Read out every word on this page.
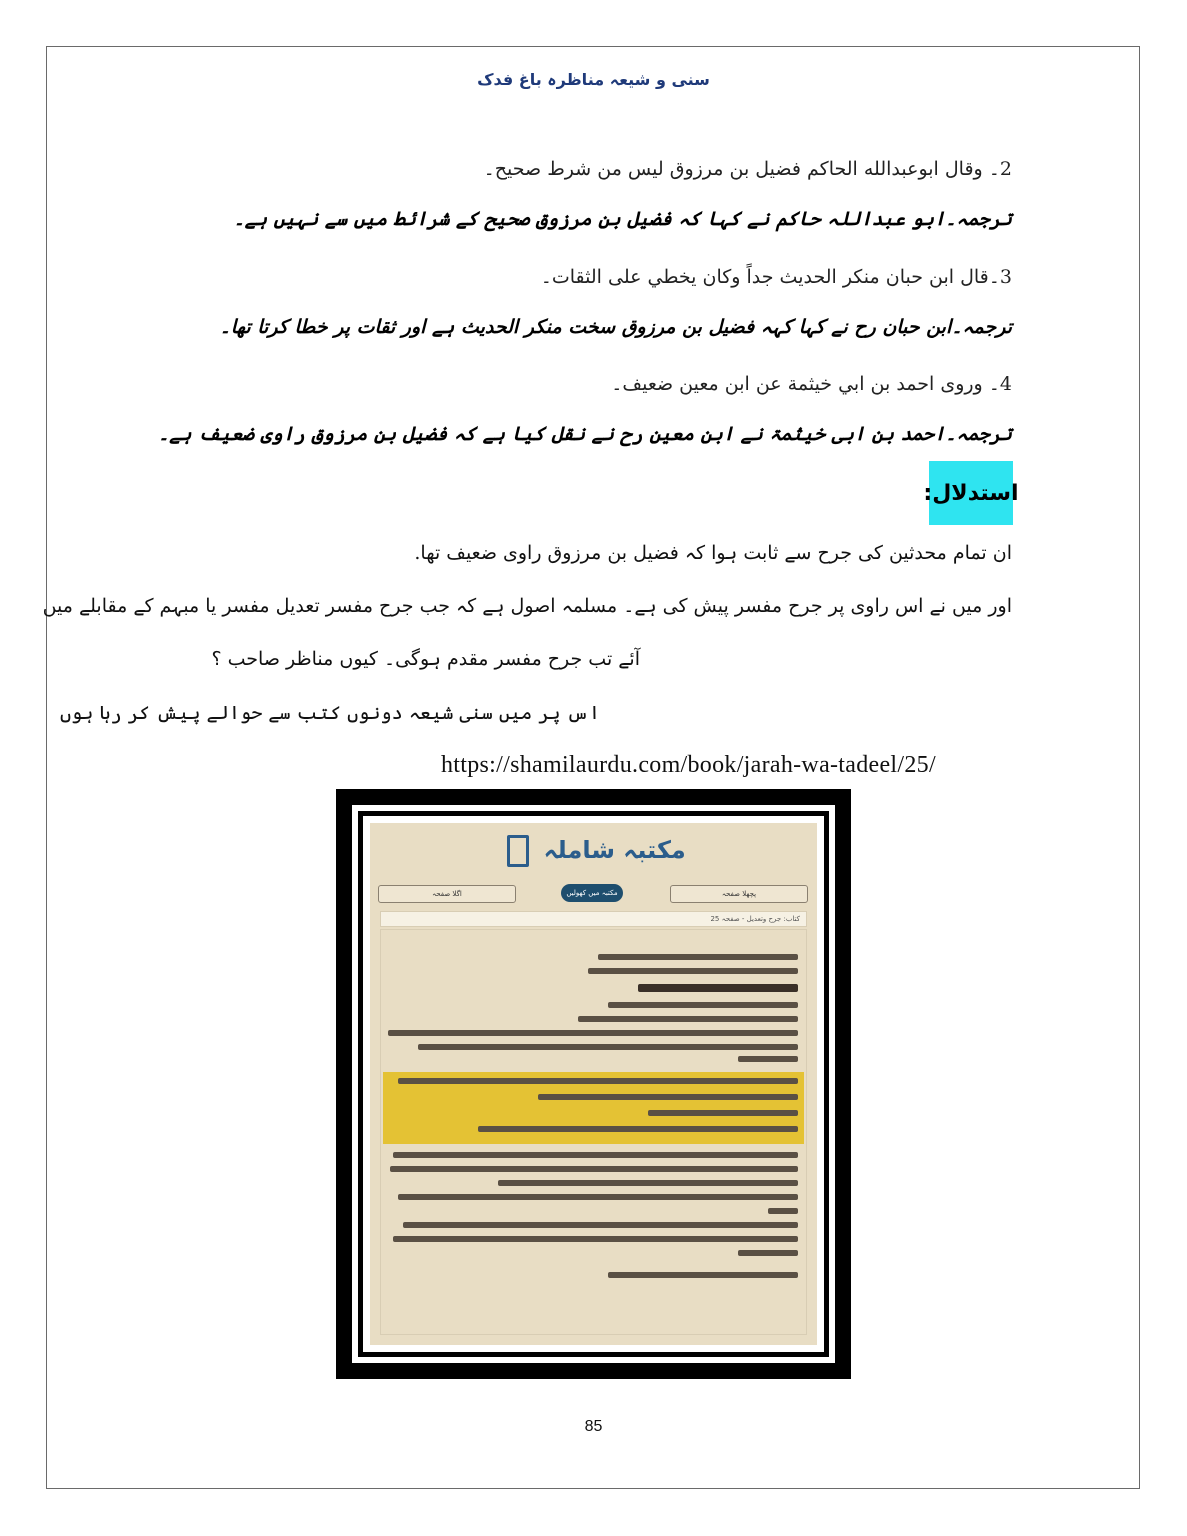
سنی و شیعہ مناظرہ باغ فدک
2۔ وقال ابوعبدالله الحاكم فضيل بن مرزوق ليس من شرط صحيح۔
ترجمہ۔ابو عبداللہ حاکم نے کہا کہ فضیل بن مرزوق صحیح کے شرائط میں سے نہیں ہے۔
3۔قال ابن حبان منكر الحديث جداً وكان يخطي على الثقات۔
ترجمہ۔ابن حبان رح نے کہا کہہ فضیل بن مرزوق سخت منکر الحدیث ہے اور ثقات پر خطا کرتا تھا۔
4۔ وروى احمد بن ابي خيثمة عن ابن معين ضعيف۔
ترجمہ۔احمد بن ابی خیثمۃ نے ابن معین رح نے نقل کیا ہے کہ فضیل بن مرزوق راوی ضعیف ہے۔
استدلال:
ان تمام محدثین کی جرح سے ثابت ہوا کہ فضیل بن مرزوق راوی ضعیف تھا.
اور میں نے اس راوی پر جرح مفسر پیش کی ہے۔ مسلمہ اصول ہے کہ جب جرح مفسر تعدیل مفسر یا مبہم کے مقابلے میں
آئے تب جرح مفسر مقدم ہوگی۔ کیوں مناظر صاحب ؟
اس پر میں سنی شیعہ دونوں کتب سے حوالے پیش کر رہا ہوں
https://shamilaurdu.com/book/jarah-wa-tadeel/25/
مکتبہ شاملہ
اگلا صفحہ	مکتبہ میں کھولیں	پچھلا صفحہ
کتاب: جرح وتعدیل - صفحہ 25
85
